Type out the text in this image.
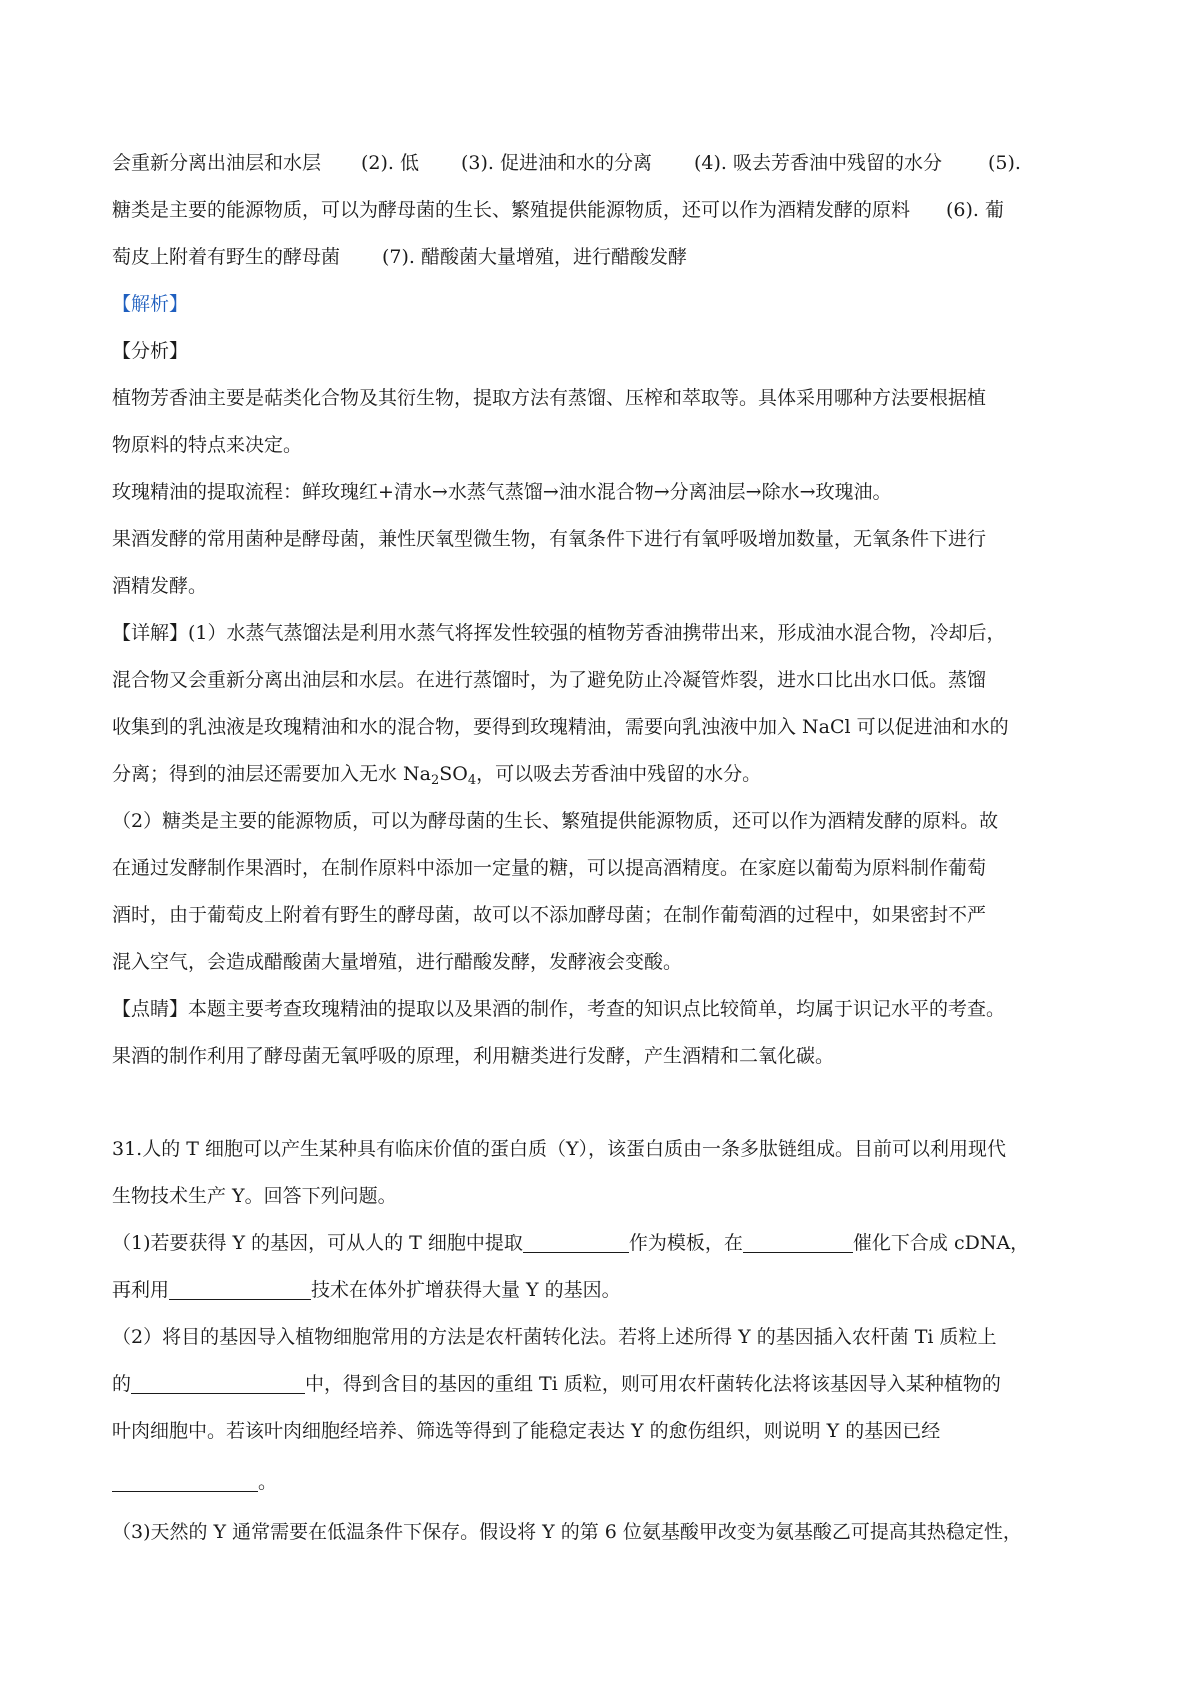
会重新分离出油层和水层 (2). 低 (3). 促进油和水的分离 (4). 吸去芳香油中残留的水分 (5).
糖类是主要的能源物质，可以为酵母菌的生长、繁殖提供能源物质，还可以作为酒精发酵的原料 (6). 葡
萄皮上附着有野生的酵母菌 (7). 醋酸菌大量增殖，进行醋酸发酵
【解析】
【分析】
植物芳香油主要是萜类化合物及其衍生物，提取方法有蒸馏、压榨和萃取等。具体采用哪种方法要根据植
物原料的特点来决定。
玫瑰精油的提取流程：鲜玫瑰红+清水→水蒸气蒸馏→油水混合物→分离油层→除水→玫瑰油。
果酒发酵的常用菌种是酵母菌，兼性厌氧型微生物，有氧条件下进行有氧呼吸增加数量，无氧条件下进行
酒精发酵。
【详解】(1）水蒸气蒸馏法是利用水蒸气将挥发性较强的植物芳香油携带出来，形成油水混合物，冷却后，
混合物又会重新分离出油层和水层。在进行蒸馏时，为了避免防止冷凝管炸裂，进水口比出水口低。蒸馏
收集到的乳浊液是玫瑰精油和水的混合物，要得到玫瑰精油，需要向乳浊液中加入 NaCl 可以促进油和水的
分离；得到的油层还需要加入无水 $Na_2SO_4$，可以吸去芳香油中残留的水分。
（2）糖类是主要的能源物质，可以为酵母菌的生长、繁殖提供能源物质，还可以作为酒精发酵的原料。故
在通过发酵制作果酒时，在制作原料中添加一定量的糖，可以提高酒精度。在家庭以葡萄为原料制作葡萄
酒时，由于葡萄皮上附着有野生的酵母菌，故可以不添加酵母菌；在制作葡萄酒的过程中，如果密封不严
混入空气，会造成醋酸菌大量增殖，进行醋酸发酵，发酵液会变酸。
【点睛】本题主要考查玫瑰精油的提取以及果酒的制作，考查的知识点比较简单，均属于识记水平的考查。
果酒的制作利用了酵母菌无氧呼吸的原理，利用糖类进行发酵，产生酒精和二氧化碳。
31.人的 T 细胞可以产生某种具有临床价值的蛋白质（Y），该蛋白质由一条多肽链组成。目前可以利用现代
生物技术生产 Y。回答下列问题。
（1)若要获得 Y 的基因，可从人的 T 细胞中提取	作为模板，在	催化下合成 cDNA，
再利用	技术在体外扩增获得大量 Y 的基因。
（2）将目的基因导入植物细胞常用的方法是农杆菌转化法。若将上述所得 Y 的基因插入农杆菌 Ti 质粒上
的	中，得到含目的基因的重组 Ti 质粒，则可用农杆菌转化法将该基因导入某种植物的
叶肉细胞中。若该叶肉细胞经培养、筛选等得到了能稳定表达 Y 的愈伤组织，则说明 Y 的基因已经
。
（3)天然的 Y 通常需要在低温条件下保存。假设将 Y 的第 6 位氨基酸甲改变为氨基酸乙可提高其热稳定性，
